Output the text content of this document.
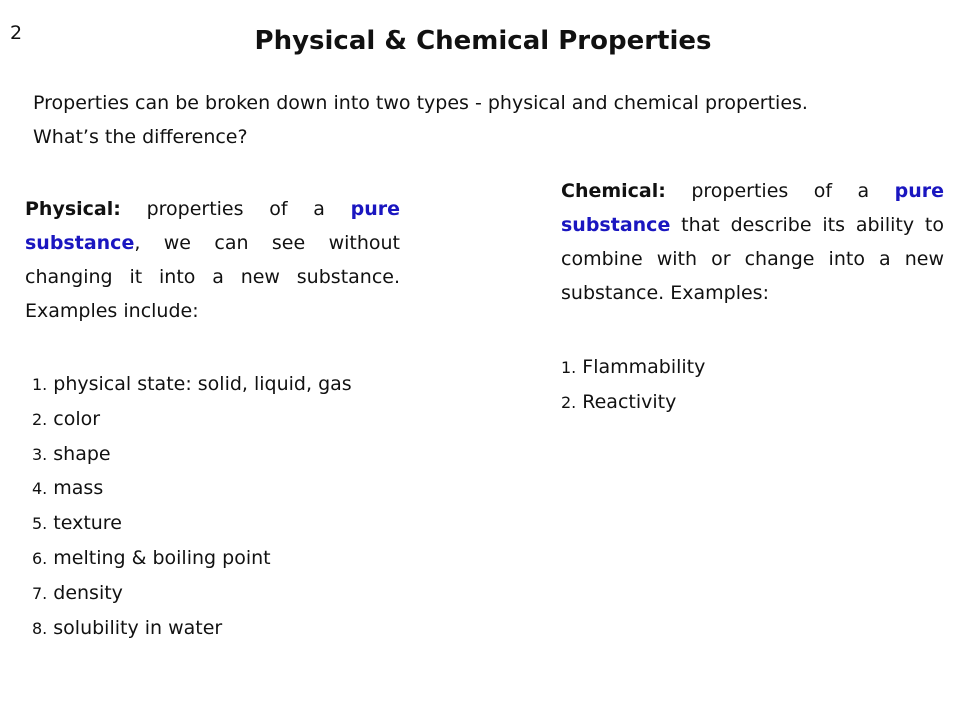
2	Physical & Chemical Properties
Properties can be broken down into two types - physical and chemical properties.
What’s the difference?

Physical: properties of a pure substance, we can see without changing it into a new substance. Examples include:

1. physical state: solid, liquid, gas
2. color
3. shape
4. mass
5. texture
6. melting & boiling point
7. density
8. solubility in water

Chemical: properties of a pure substance that describe its ability to combine with or change into a new substance. Examples:

1. Flammability
2. Reactivity
